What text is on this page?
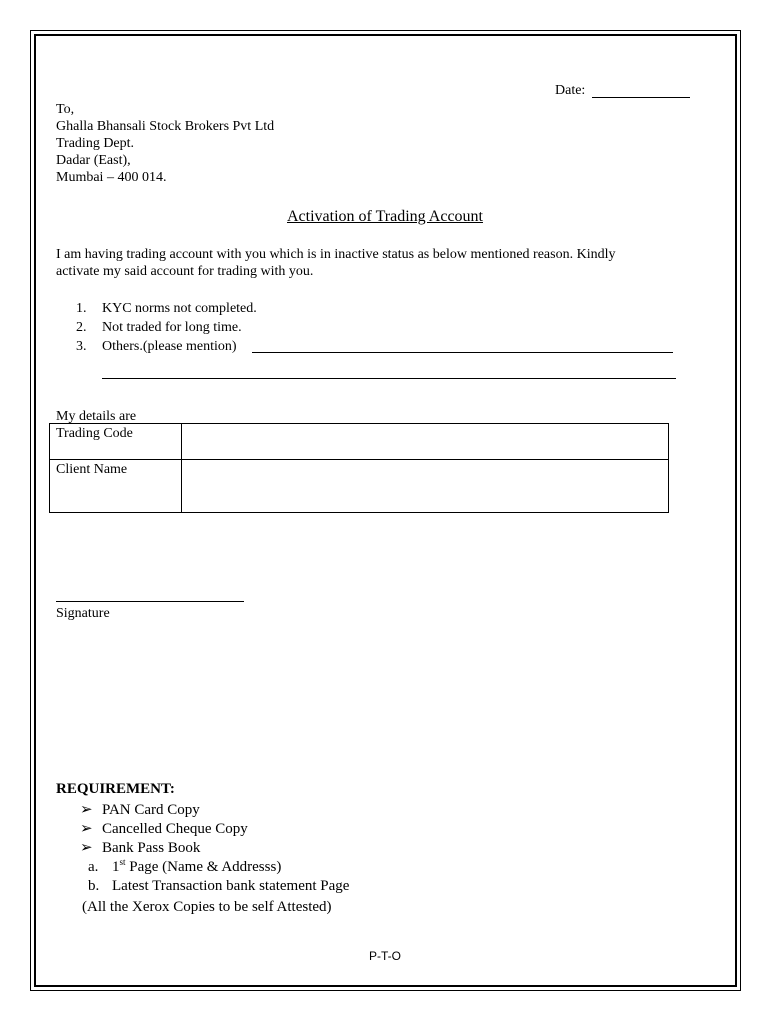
Date:
To,
Ghalla Bhansali Stock Brokers Pvt Ltd
Trading Dept.
Dadar (East),
Mumbai – 400 014.
Activation of Trading Account
I am having trading account with you which is in inactive status as below mentioned reason. Kindly
activate my said account for trading with you.
1.	KYC norms not completed.
2.	Not traded for long time.
3.	Others.(please mention)
My details are
Trading Code	
Client Name	
Signature
REQUIREMENT:
➢ PAN Card Copy
➢ Cancelled Cheque Copy
➢ Bank Pass Book
a. 1st Page (Name & Addresss)
b. Latest Transaction bank statement Page
(All the Xerox Copies to be self Attested)
P-T-O
